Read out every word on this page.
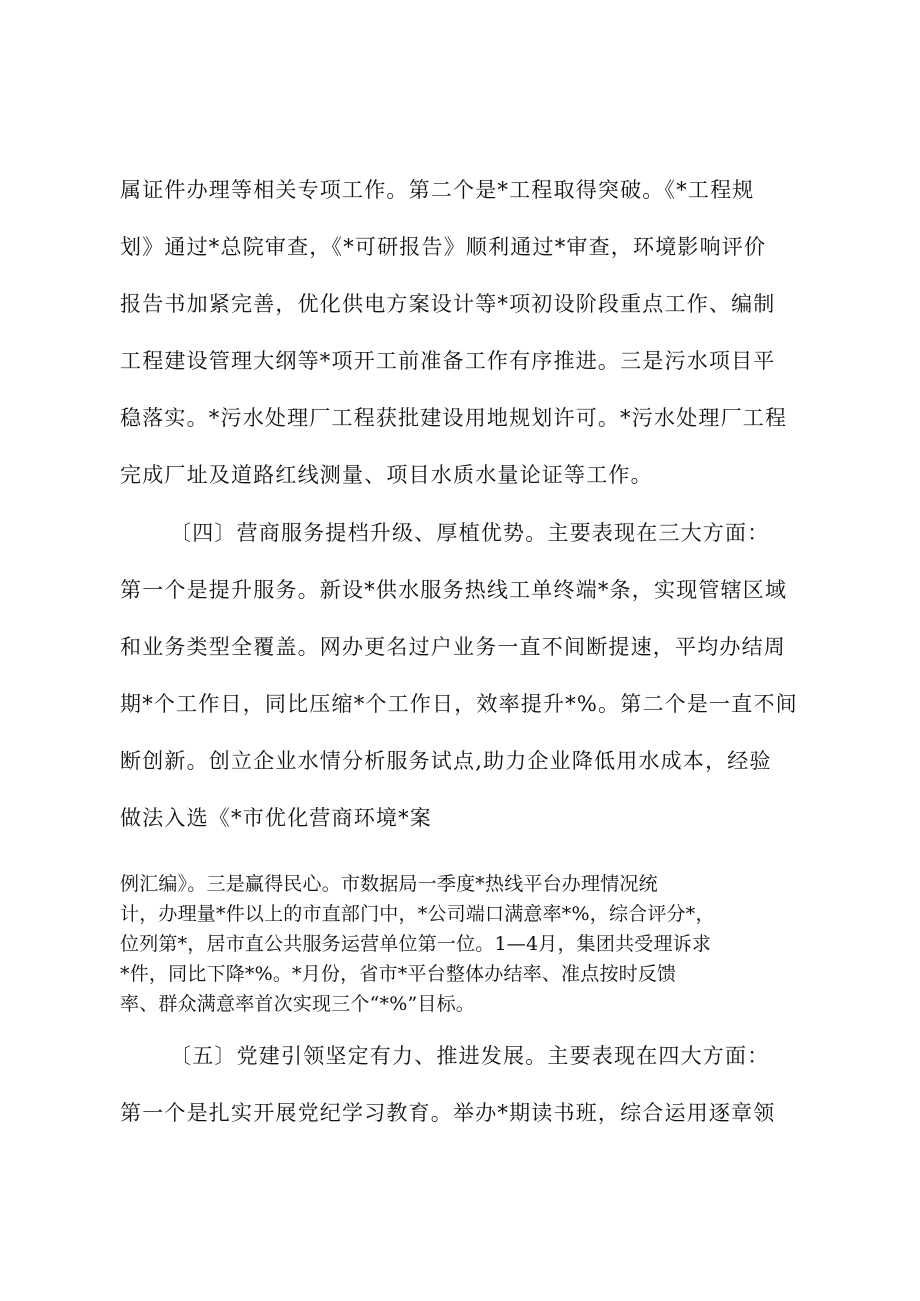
属证件办理等相关专项工作。第二个是*工程取得突破。《*工程规
划》通过*总院审查，《*可研报告》顺利通过*审查，环境影响评价
报告书加紧完善，优化供电方案设计等*项初设阶段重点工作、编制
工程建设管理大纲等*项开工前准备工作有序推进。三是污水项目平
稳落实。*污水处理厂工程获批建设用地规划许可。*污水处理厂工程
完成厂址及道路红线测量、项目水质水量论证等工作。
〔四〕营商服务提档升级、厚植优势。主要表现在三大方面：
第一个是提升服务。新设*供水服务热线工单终端*条，实现管辖区域
和业务类型全覆盖。网办更名过户业务一直不间断提速，平均办结周
期*个工作日，同比压缩*个工作日，效率提升*%。第二个是一直不间
断创新。创立企业水情分析服务试点,助力企业降低用水成本，经验
做法入选《*市优化营商环境*案
例汇编》。三是赢得民心。市数据局一季度*热线平台办理情况统
计，办理量*件以上的市直部门中，*公司端口满意率*%，综合评分*，
位列第*，居市直公共服务运营单位第一位。1—4月，集团共受理诉求
*件，同比下降*%。*月份，省市*平台整体办结率、准点按时反馈
率、群众满意率首次实现三个“*%”目标。
〔五〕党建引领坚定有力、推进发展。主要表现在四大方面：
第一个是扎实开展党纪学习教育。举办*期读书班，综合运用逐章领
